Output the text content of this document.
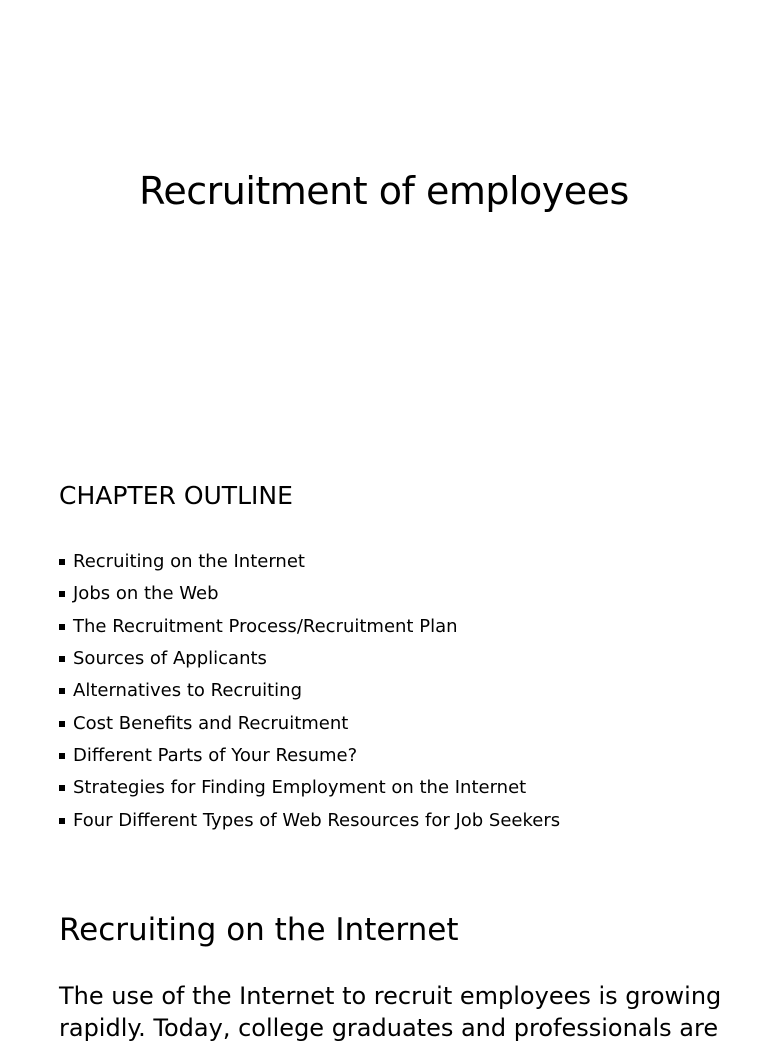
Recruitment of employees
CHAPTER OUTLINE
Recruiting on the Internet
Jobs on the Web
The Recruitment Process/Recruitment Plan
Sources of Applicants
Alternatives to Recruiting
Cost Benefits and Recruitment
Different Parts of Your Resume?
Strategies for Finding Employment on the Internet
Four Different Types of Web Resources for Job Seekers
Recruiting on the Internet

The use of the Internet to recruit employees is growing
rapidly. Today, college graduates and professionals are
